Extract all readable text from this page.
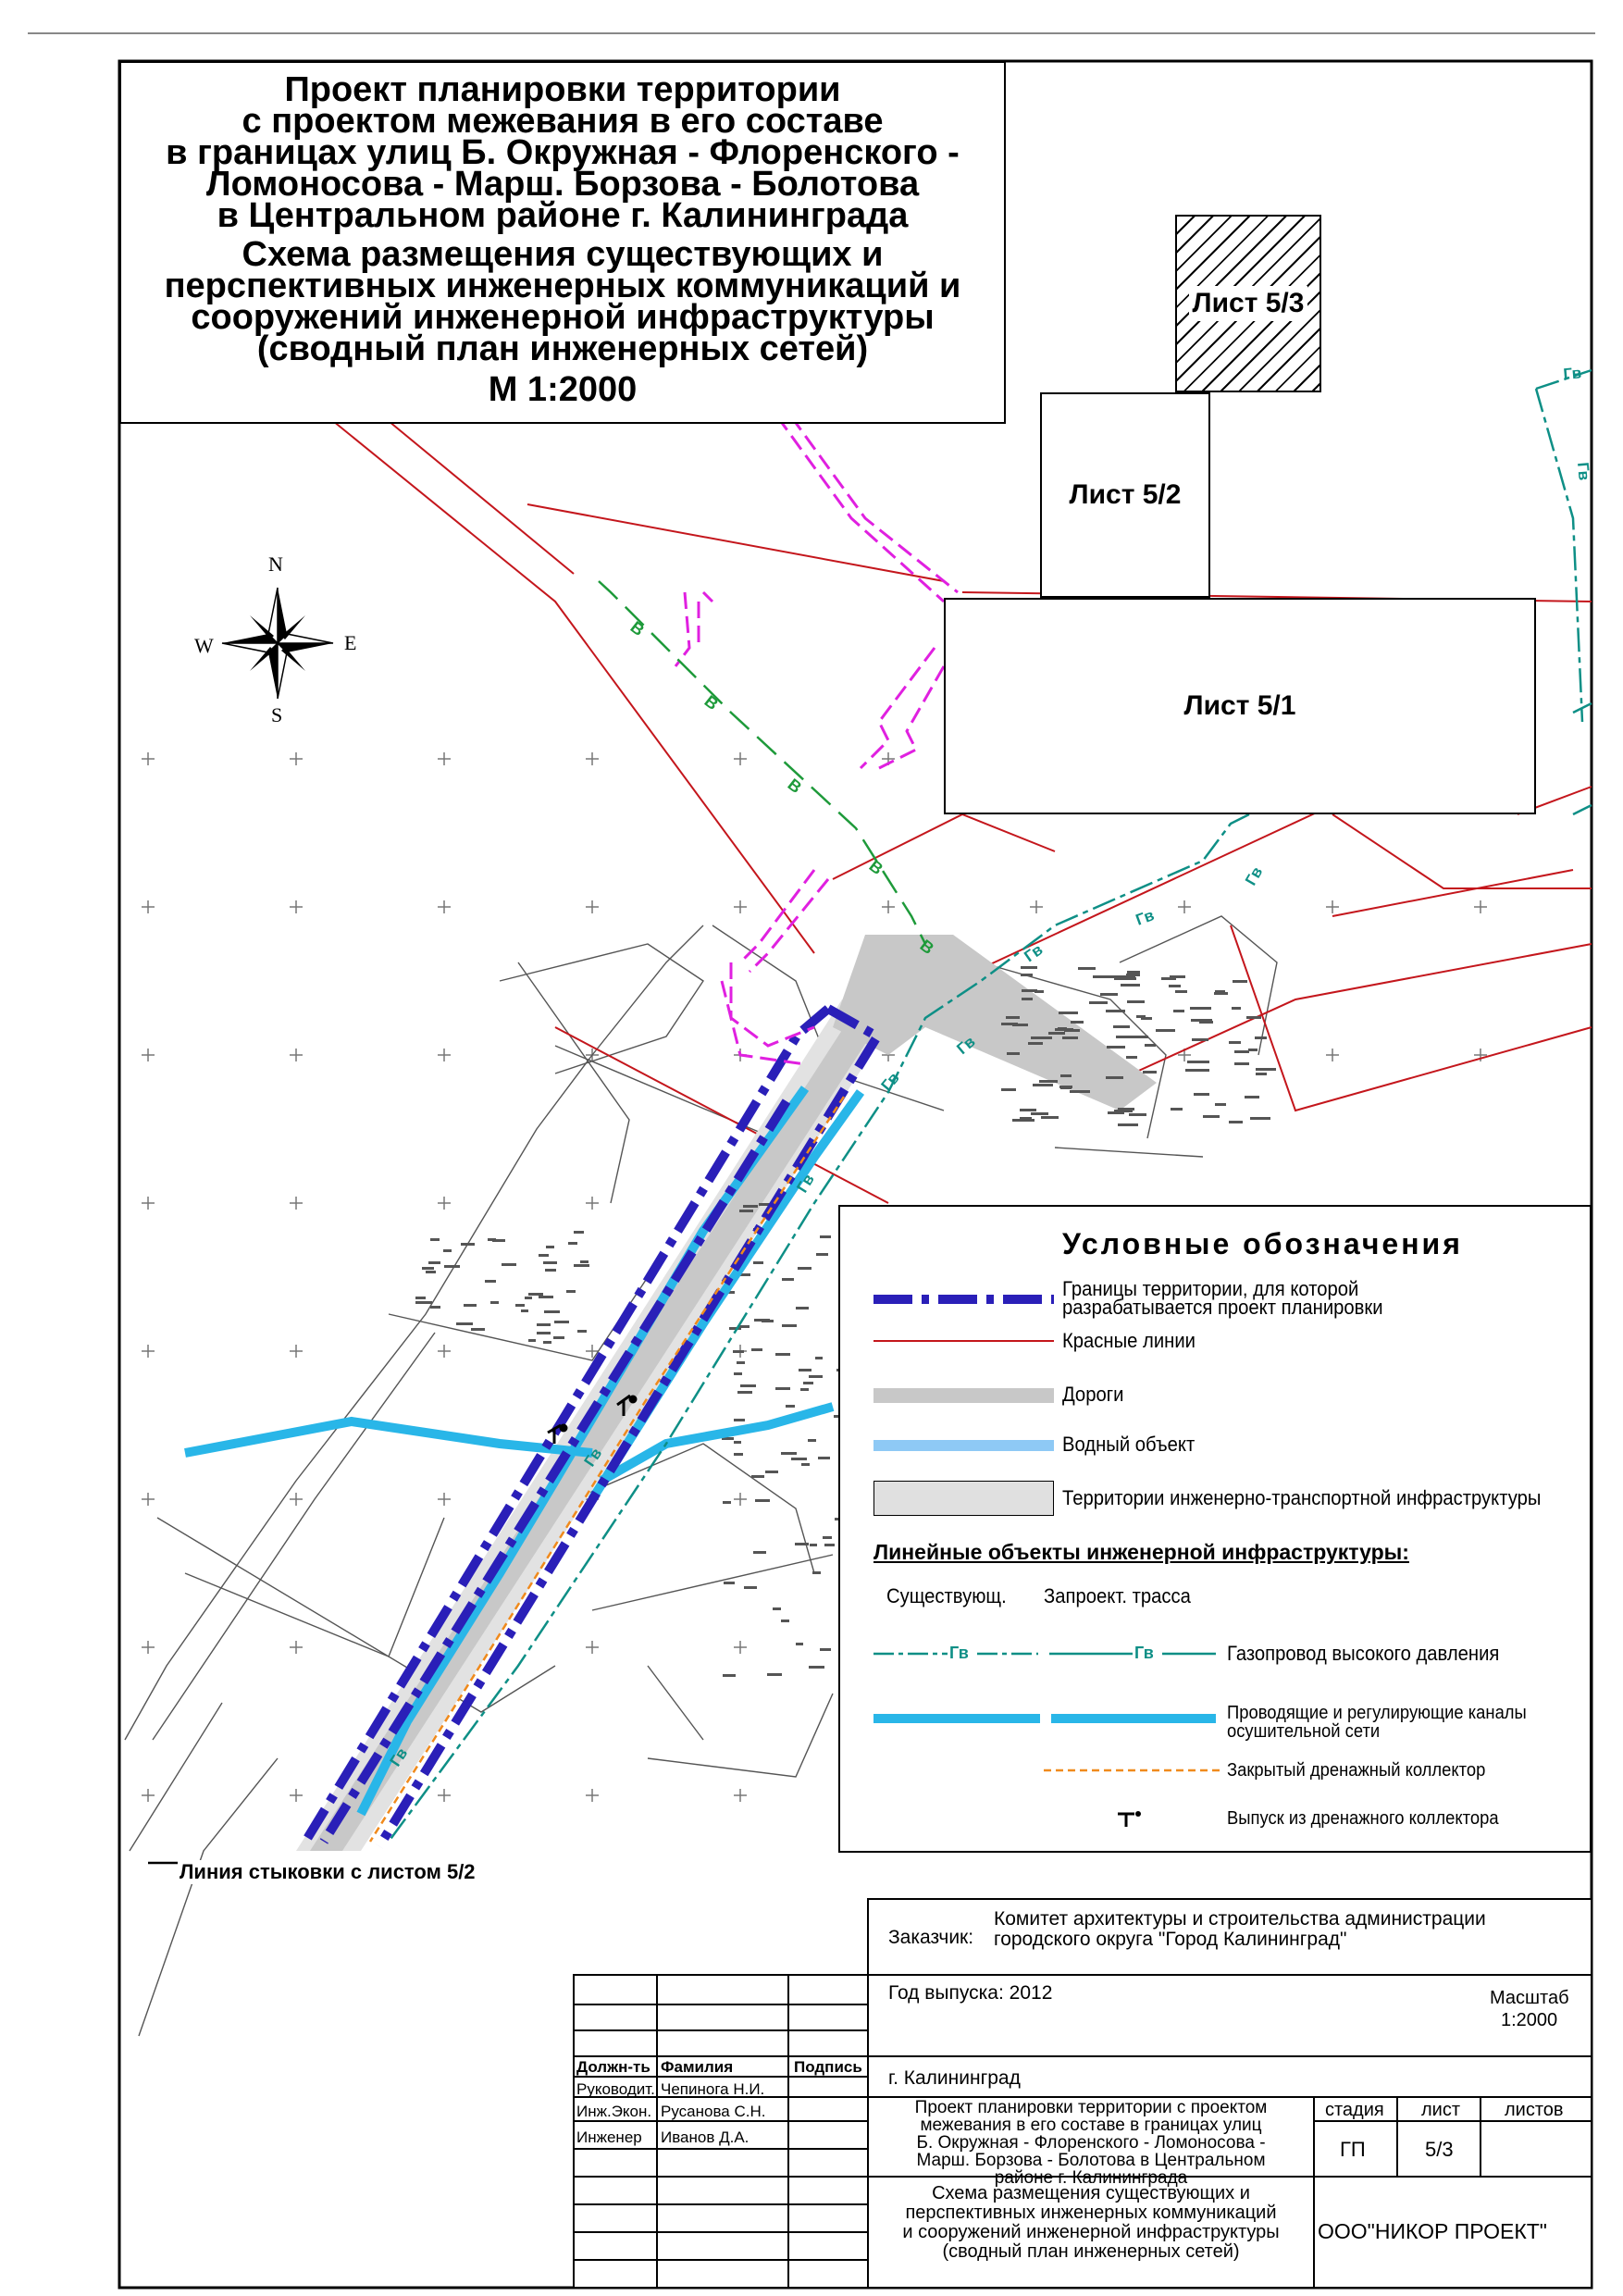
В
В
В
В
В
Гв
Гв
Гв
Гв
Гв
Гв
Гв
Гв
Гв
Гв
N
S
E
W
Проект планировки территории
с проектом межевания в его составе
в границах улиц Б. Окружная - Флоренского -
Ломоносова - Марш. Борзова - Болотова
в Центральном районе г. Калининграда
Схема размещения существующих и
перспективных инженерных коммуникаций и
сооружений инженерной инфраструктуры
(сводный план инженерных сетей)
М 1:2000
Лист 5/3
Лист 5/2
Лист 5/1
Линия стыковки с листом 5/2
Условные обозначения
Границы территории, для которой
разрабатывается проект планировки
Красные линии
Дороги
Водный объект
Территории инженерно-транспортной инфраструктуры
Линейные объекты инженерной инфраструктуры:
Существующ. Запроект. трасса
Гв	Гв	Газопровод высокого давления
Проводящие и регулирующие каналы
осушительной сети
Закрытый дренажный коллектор
Выпуск из дренажного коллектора
Заказчик:
Комитет архитектуры и строительства администрации
городского округа "Город Калининград"
Год выпуска: 2012	Масштаб
1:2000
г. Калининград
Должн-ть Фамилия	Подпись
Руководит. Чепинога Н.И.
Инж.Экон. Русанова С.Н.
Инженер Иванов Д.А.
Проект планировки территории с проектом
межевания в его составе в границах улиц
Б. Окружная - Флоренского - Ломоносова -
Марш. Борзова - Болотова в Центральном
районе г. Калининграда
стадия лист листов
ГП	5/3
Схема размещения существующих и
перспективных инженерных коммуникаций
и сооружений инженерной инфраструктуры
(сводный план инженерных сетей)
ООО"НИКОР ПРОЕКТ"
